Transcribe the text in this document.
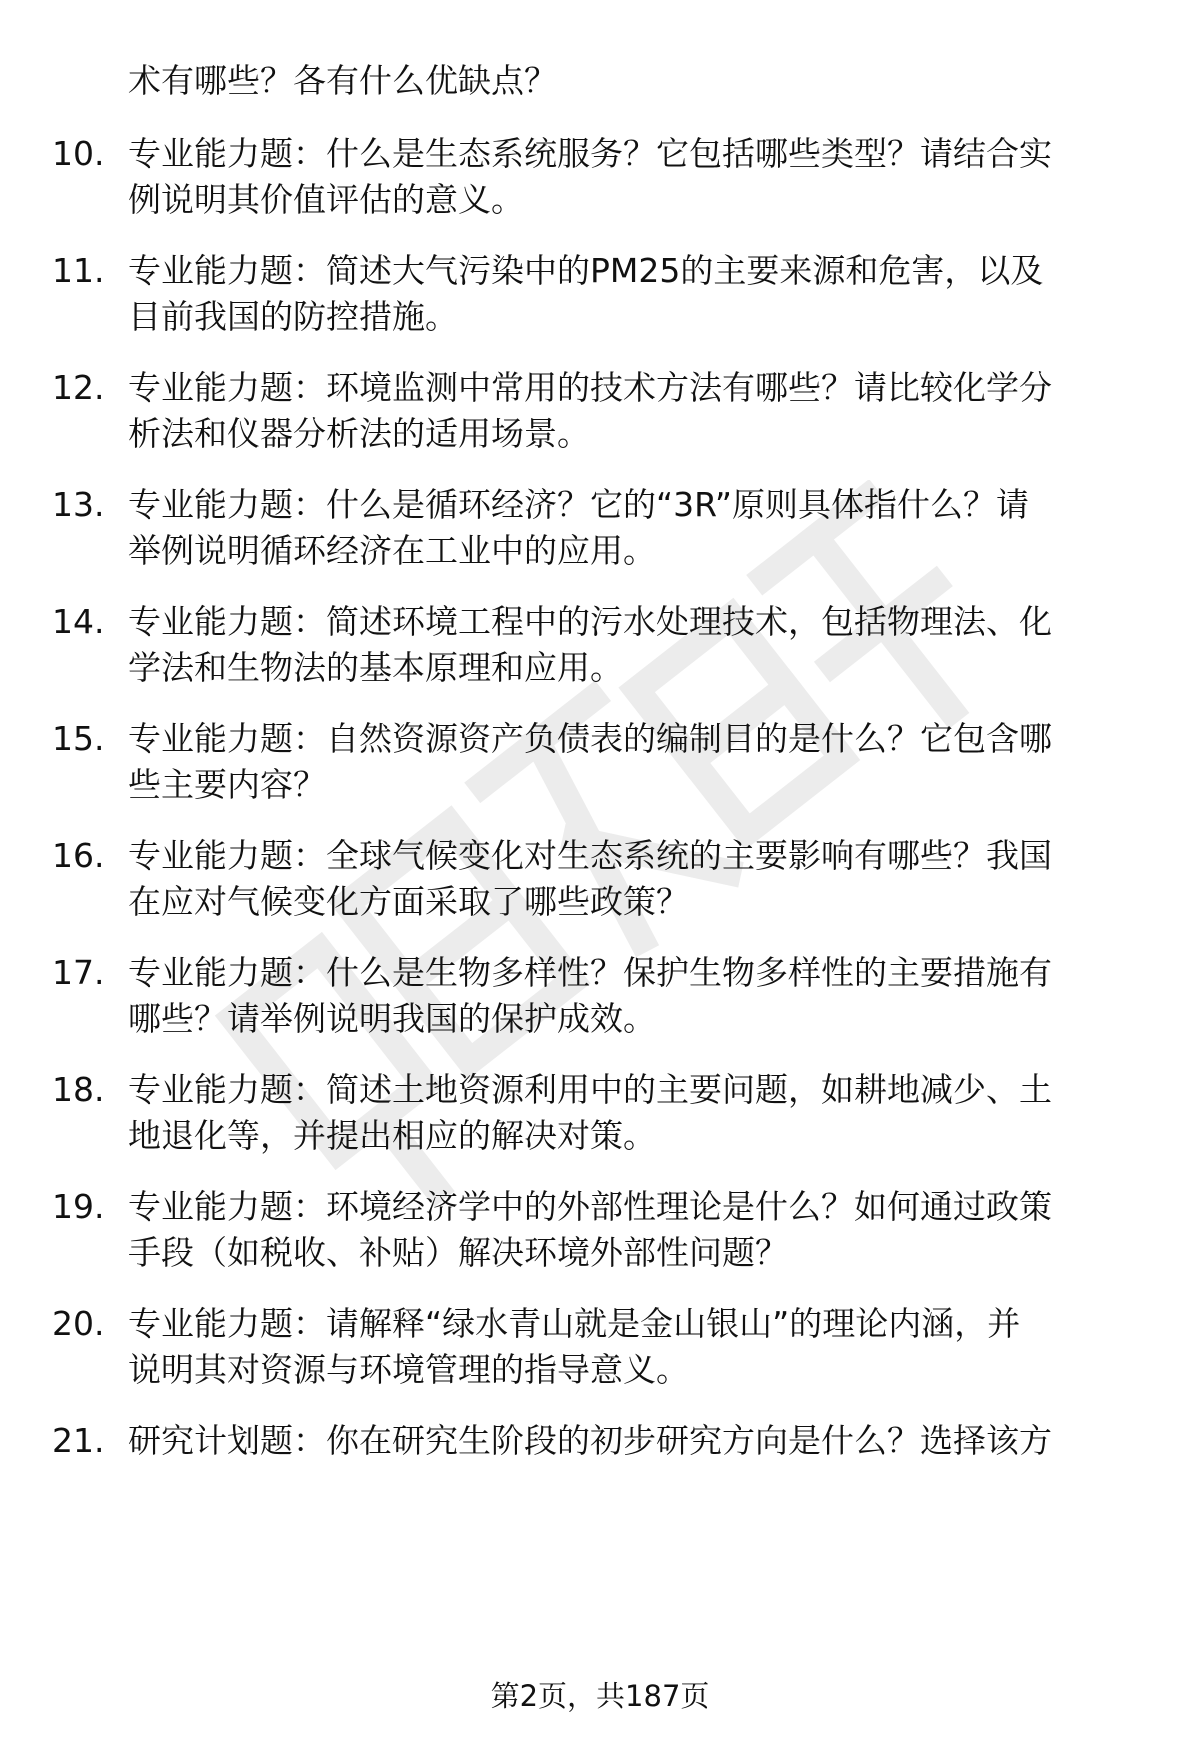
术有哪些？各有什么优缺点？
10. 专业能力题：什么是生态系统服务？它包括哪些类型？请结合实
例说明其价值评估的意义。
11. 专业能力题：简述大气污染中的PM25的主要来源和危害，以及
目前我国的防控措施。
12. 专业能力题：环境监测中常用的技术方法有哪些？请比较化学分
析法和仪器分析法的适用场景。
13. 专业能力题：什么是循环经济？它的“3R”原则具体指什么？请
举例说明循环经济在工业中的应用。
14. 专业能力题：简述环境工程中的污水处理技术，包括物理法、化
学法和生物法的基本原理和应用。
15. 专业能力题：自然资源资产负债表的编制目的是什么？它包含哪
些主要内容？
16. 专业能力题：全球气候变化对生态系统的主要影响有哪些？我国
在应对气候变化方面采取了哪些政策？
17. 专业能力题：什么是生物多样性？保护生物多样性的主要措施有
哪些？请举例说明我国的保护成效。
18. 专业能力题：简述土地资源利用中的主要问题，如耕地减少、土
地退化等，并提出相应的解决对策。
19. 专业能力题：环境经济学中的外部性理论是什么？如何通过政策
手段（如税收、补贴）解决环境外部性问题？
20. 专业能力题：请解释“绿水青山就是金山银山”的理论内涵，并
说明其对资源与环境管理的指导意义。
21. 研究计划题：你在研究生阶段的初步研究方向是什么？选择该方
第2页，共187页
